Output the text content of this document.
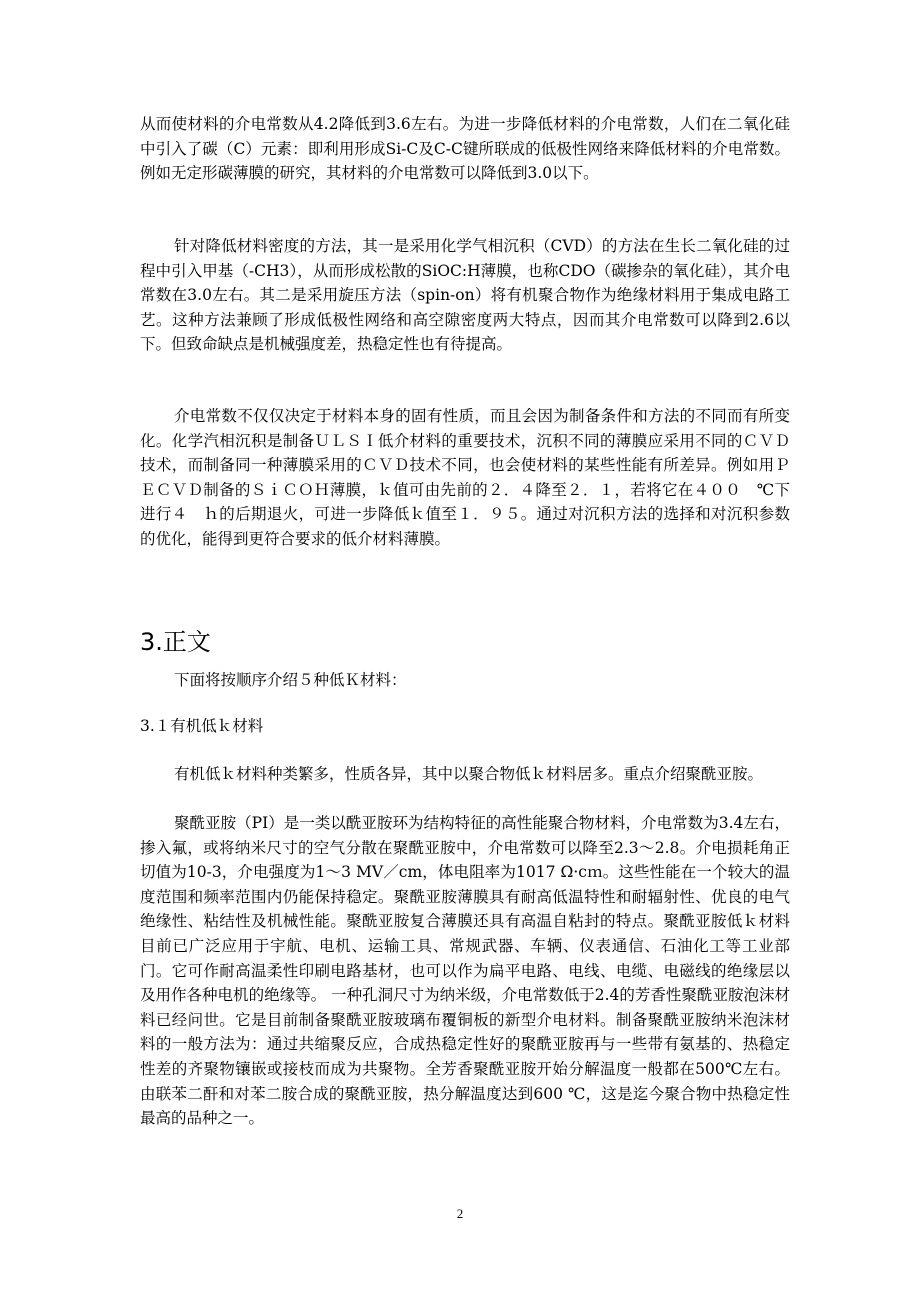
从而使材料的介电常数从4.2降低到3.6左右。为进一步降低材料的介电常数，人们在二氧化硅中引入了碳（C）元素：即利用形成Si-C及C-C键所联成的低极性网络来降低材料的介电常数。例如无定形碳薄膜的研究，其材料的介电常数可以降低到3.0以下。

针对降低材料密度的方法，其一是采用化学气相沉积（CVD）的方法在生长二氧化硅的过程中引入甲基（-CH3），从而形成松散的SiOC:H薄膜，也称CDO（碳掺杂的氧化硅），其介电常数在3.0左右。其二是采用旋压方法（spin-on）将有机聚合物作为绝缘材料用于集成电路工艺。这种方法兼顾了形成低极性网络和高空隙密度两大特点，因而其介电常数可以降到2.6以下。但致命缺点是机械强度差，热稳定性也有待提高。

介电常数不仅仅决定于材料本身的固有性质，而且会因为制备条件和方法的不同而有所变化。化学汽相沉积是制备ＵＬＳＩ低介材料的重要技术，沉积不同的薄膜应采用不同的ＣＶＤ技术，而制备同一种薄膜采用的ＣＶＤ技术不同，也会使材料的某些性能有所差异。例如用ＰＥＣＶＤ制备的ＳｉＣＯＨ薄膜，ｋ值可由先前的２．４降至２．１，若将它在４００　℃下进行４　ｈ的后期退火，可进一步降低ｋ值至１．９５。通过对沉积方法的选择和对沉积参数的优化，能得到更符合要求的低介材料薄膜。

3.正文

下面将按顺序介绍５种低Ｋ材料：

3.１有机低ｋ材料

有机低ｋ材料种类繁多，性质各异，其中以聚合物低ｋ材料居多。重点介绍聚酰亚胺。

聚酰亚胺（PI）是一类以酰亚胺环为结构特征的高性能聚合物材料，介电常数为3.4左右，掺入氟，或将纳米尺寸的空气分散在聚酰亚胺中，介电常数可以降至2.3～2.8。介电损耗角正切值为10-3，介电强度为1～3 MV／cm，体电阻率为1017 Ω·cｍ。这些性能在一个较大的温度范围和频率范围内仍能保持稳定。聚酰亚胺薄膜具有耐高低温特性和耐辐射性、优良的电气绝缘性、粘结性及机械性能。聚酰亚胺复合薄膜还具有高温自粘封的特点。聚酰亚胺低ｋ材料目前已广泛应用于宇航、电机、运输工具、常规武器、车辆、仪表通信、石油化工等工业部门。它可作耐高温柔性印刷电路基材，也可以作为扁平电路、电线、电缆、电磁线的绝缘层以及用作各种电机的绝缘等。 一种孔洞尺寸为纳米级，介电常数低于2.4的芳香性聚酰亚胺泡沫材料已经问世。它是目前制备聚酰亚胺玻璃布覆铜板的新型介电材料。制备聚酰亚胺纳米泡沫材料的一般方法为：通过共缩聚反应，合成热稳定性好的聚酰亚胺再与一些带有氨基的、热稳定性差的齐聚物镶嵌或接枝而成为共聚物。全芳香聚酰亚胺开始分解温度一般都在500℃左右。由联苯二酐和对苯二胺合成的聚酰亚胺，热分解温度达到600 ℃，这是迄今聚合物中热稳定性最高的品种之一。

2
